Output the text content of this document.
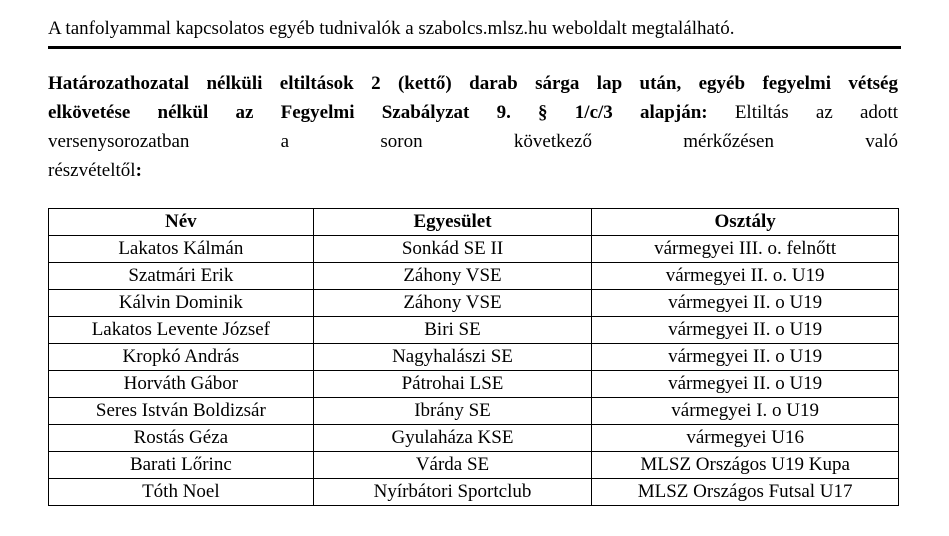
A tanfolyammal kapcsolatos egyéb tudnivalók a szabolcs.mlsz.hu weboldalt megtalálható.
Határozathozatal nélküli eltiltások 2 (kettő) darab sárga lap után, egyéb fegyelmi vétség
elkövetése nélkül az Fegyelmi Szabályzat 9. § 1/c/3 alapján: Eltiltás az adott
versenysorozatban a soron következő mérkőzésen való
részvételtől:
Név	Egyesület	Osztály
Lakatos Kálmán	Sonkád SE II	vármegyei III. o. felnőtt
Szatmári Erik	Záhony VSE	vármegyei II. o. U19
Kálvin Dominik	Záhony VSE	vármegyei II. o U19
Lakatos Levente József	Biri SE	vármegyei II. o U19
Kropkó András	Nagyhalászi SE	vármegyei II. o U19
Horváth Gábor	Pátrohai LSE	vármegyei II. o U19
Seres István Boldizsár	Ibrány SE	vármegyei I. o U19
Rostás Géza	Gyulaháza KSE	vármegyei U16
Barati Lőrinc	Várda SE	MLSZ Országos U19 Kupa
Tóth Noel	Nyírbátori Sportclub	MLSZ Országos Futsal U17
